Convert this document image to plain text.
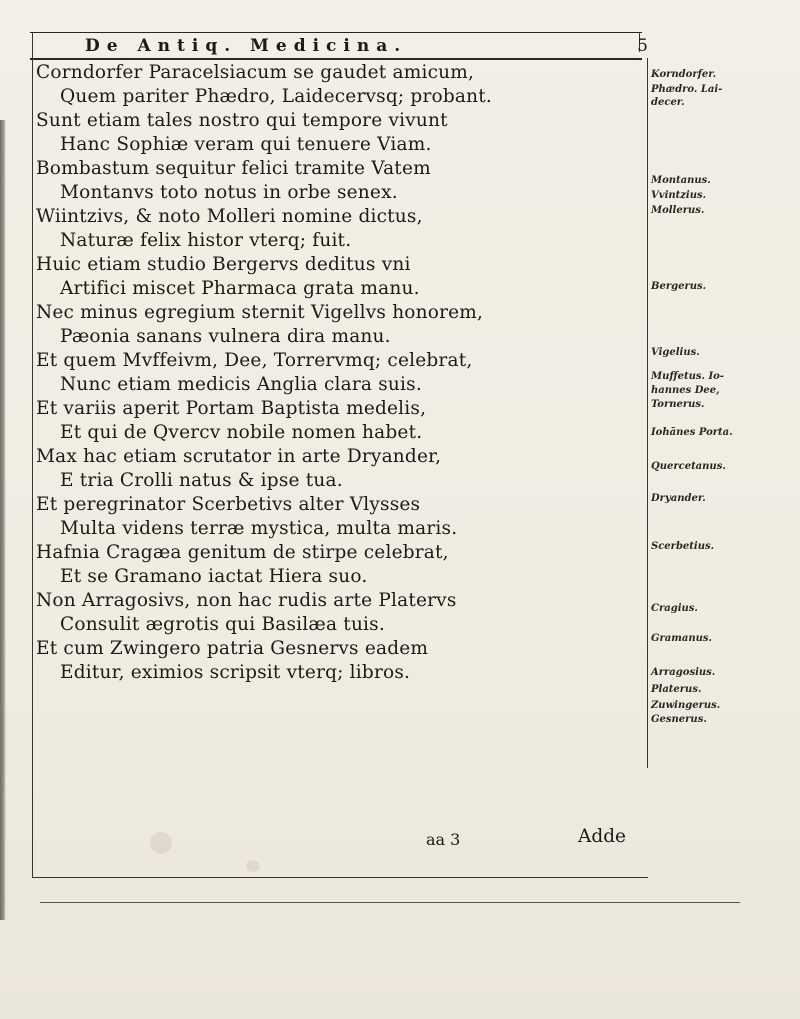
De Antiq. Medicina.	5
Corndorfer Paracelsiacum se gaudet amicum,
Quem pariter Phædro, Laidecervsq; probant.
Sunt etiam tales nostro qui tempore vivunt
Hanc Sophiæ veram qui tenuere Viam.
Bombastum sequitur felici tramite Vatem
Montanvs toto notus in orbe senex.
Wiintzivs, & noto Molleri nomine dictus,
Naturæ felix histor vterq; fuit.
Huic etiam studio Bergervs deditus vni
Artifici miscet Pharmaca grata manu.
Nec minus egregium sternit Vigellvs honorem,
Pæonia sanans vulnera dira manu.
Et quem Mvffeivm, Dee, Torrervmq; celebrat,
Nunc etiam medicis Anglia clara suis.
Et variis aperit Portam Baptista medelis,
Et qui de Qvercv nobile nomen habet.
Max hac etiam scrutator in arte Dryander,
E tria Crolli natus & ipse tua.
Et peregrinator Scerbetivs alter Vlysses
Multa videns terræ mystica, multa maris.
Hafnia Cragæa genitum de stirpe celebrat,
Et se Gramano iactat Hiera suo.
Non Arragosivs, non hac rudis arte Platervs
Consulit ægrotis qui Basilæa tuis.
Et cum Zwingero patria Gesnervs eadem
Editur, eximios scripsit vterq; libros.
Korndorfer.
Phædro. Lai-
decer.
Montanus.
Vvintzius.
Mollerus.
Bergerus.
Vigelius.
Muffetus. Io-
hannes Dee,
Tornerus.
Iohānes Porta.
Quercetanus.
Dryander.
Scerbetius.
Cragius.
Gramanus.
Arragosius.
Platerus.
Zuwingerus.
Gesnerus.
aa 3	Adde
